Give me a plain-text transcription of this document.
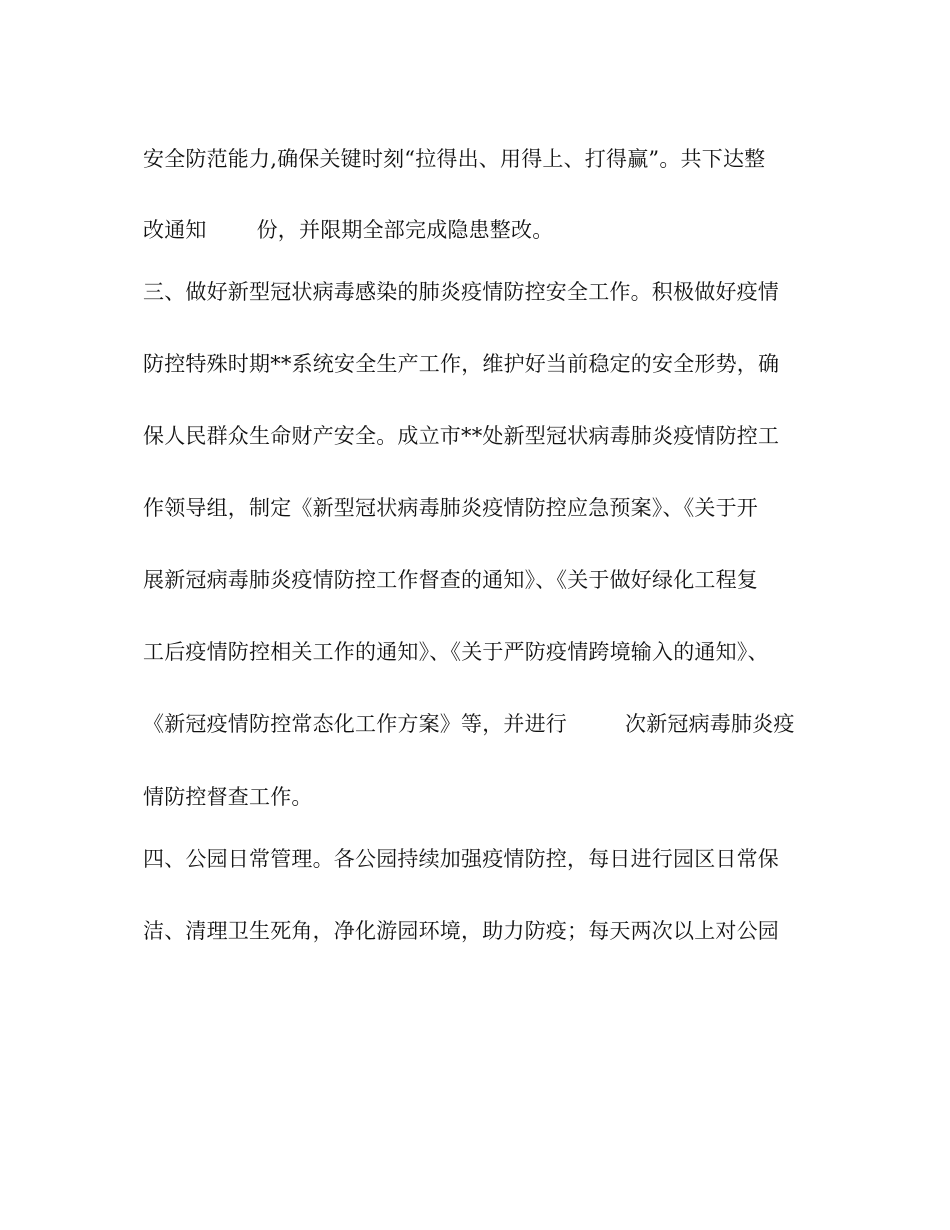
安全防范能力,确保关键时刻“拉得出、用得上、打得赢”。共下达整
改通知 份，并限期全部完成隐患整改。
三、做好新型冠状病毒感染的肺炎疫情防控安全工作。积极做好疫情
防控特殊时期**系统安全生产工作，维护好当前稳定的安全形势，确
保人民群众生命财产安全。成立市**处新型冠状病毒肺炎疫情防控工
作领导组，制定《新型冠状病毒肺炎疫情防控应急预案》、《关于开
展新冠病毒肺炎疫情防控工作督查的通知》、《关于做好绿化工程复
工后疫情防控相关工作的通知》、《关于严防疫情跨境输入的通知》、
《新冠疫情防控常态化工作方案》等，并进行	次新冠病毒肺炎疫
情防控督查工作。
四、公园日常管理。各公园持续加强疫情防控，每日进行园区日常保
洁、清理卫生死角，净化游园环境，助力防疫；每天两次以上对公园
